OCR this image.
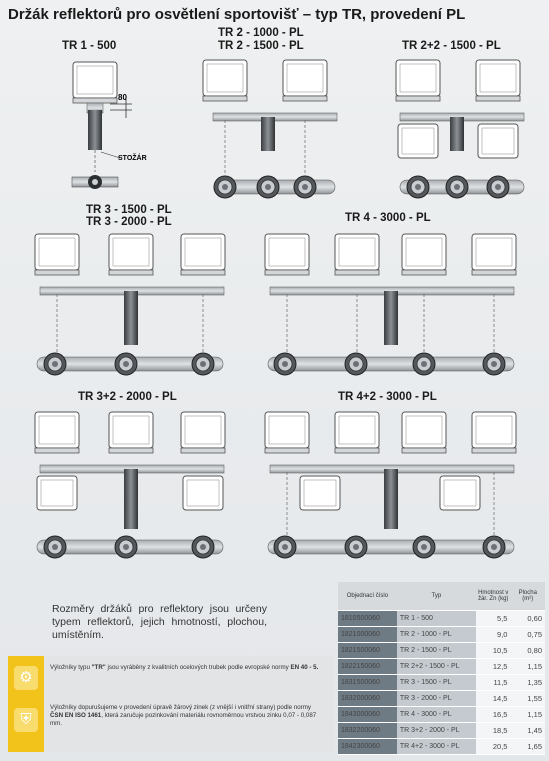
Držák reflektorů pro osvětlení sportovišť – typ TR, provedení PL
TR 1 - 500
TR 2 - 1000 - PL
TR 2 - 1500 - PL	TR 2+2 - 1500 - PL
TR 3 - 1500 - PL
TR 3 - 2000 - PL	TR 4 - 3000 - PL
TR 3+2 - 2000 - PL	TR 4+2 - 3000 - PL
80
STOŽÁR
Rozměry držáků pro reflektory jsou určeny typem reflektorů, jejich hmotností, plochou, umístěním.
⚙
⛨
Výložníky typu "TR" jsou vyráběny z kvalitních ocelových trubek podle evropské normy EN 40 - 5.
Výložníky dopurušujeme v provedení úpravě žárový zinek (z vnější i vnitřní strany) podle normy ČSN EN ISO 1461, která zaručuje pozinkování materiálu rovnoměrnou vrstvou zinku 0,07 - 0,087 mm.
Objednací číslo	Typ	Hmotnost v žár. Zn (kg)	Plocha (m²)
1810500060	TR 1 - 500	5,5	0,60
1821000060	TR 2 - 1000 - PL	9,0	0,75
1821500060	TR 2 - 1500 - PL	10,5	0,80
1822150060	TR 2+2 - 1500 - PL	12,5	1,15
1831500060	TR 3 - 1500 - PL	11,5	1,35
1832000060	TR 3 - 2000 - PL	14,5	1,55
1843000060	TR 4 - 3000 - PL	16,5	1,15
1832200060	TR 3+2 - 2000 - PL	18,5	1,45
1842300060	TR 4+2 - 3000 - PL	20,5	1,65
